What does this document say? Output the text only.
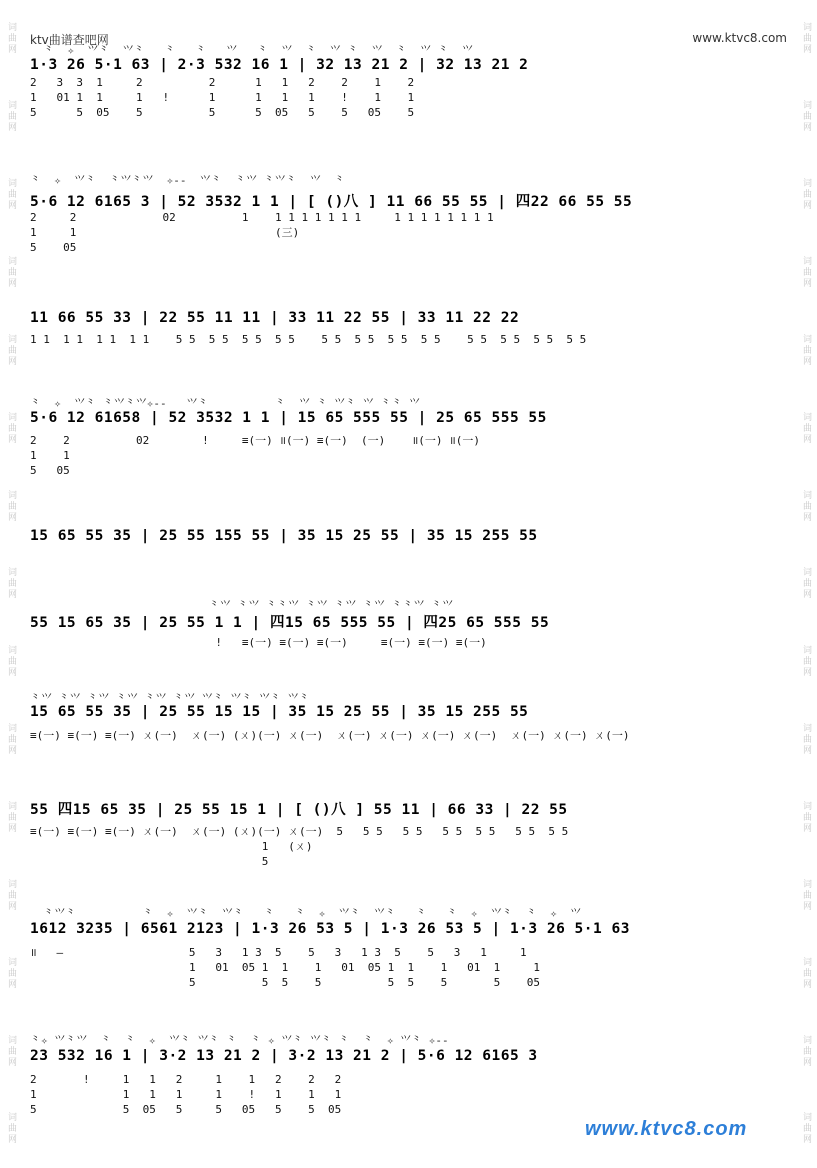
词曲网
词曲网
词曲网
词曲网
词曲网
词曲网
词曲网
词曲网
词曲网
词曲网
词曲网
词曲网
词曲网
词曲网
词曲网
词曲网
词曲网
词曲网
词曲网
词曲网
词曲网
词曲网
词曲网
词曲网
词曲网
词曲网
词曲网
词曲网
词曲网
词曲网
ktv曲谱查吧网	www.ktvc8.com
⺀  ✧  ⺍⺀  ⺍⺀   ⺀   ⺀   ⺍   ⺀  ⺍  ⺀  ⺍ ⺀  ⺍  ⺀  ⺍ ⺀  ⺍
1·3 26 5·1 63 | 2·3 532 16 1 | 32 13 21 2 | 32 13 21 2
2   3  3  1     2          2      1   1   2    2    1    2
1   01 1  1     1   !      1      1   1   1    !    1    1
5      5  05    5          5      5  05   5    5   05    5
⺀  ✧  ⺍⺀  ⺀⺍⺀⺍  ✧--  ⺍⺀  ⺀⺍ ⺀⺍⺀  ⺍  ⺀
5·6 12 6165 3 | 52 3532 1 1 | [ ()八 ] 11 66 55 55 | 四22 66 55 55
2     2             02          1    1 1 1 1 1 1 1     1 1 1 1 1 1 1 1
1     1                              (三)
5    05
11 66 55 33 | 22 55 11 11 | 33 11 22 55 | 33 11 22 22
1 1  1 1  1 1  1 1    5 5  5 5  5 5  5 5    5 5  5 5  5 5  5 5    5 5  5 5  5 5  5 5
⺀  ✧  ⺍⺀ ⺀⺍⺀⺍✧--   ⺍⺀          ⺀  ⺍ ⺀ ⺍⺀ ⺍ ⺀⺀ ⺍
5·6 12 61658 | 52 3532 1 1 | 15 65 555 55 | 25 65 555 55
2    2          02        !     ≡(一) ॥(一) ≡(一)  (一)    ॥(一) ॥(一)
1    1
5   05
15 65 55 35 | 25 55 155 55 | 35 15 25 55 | 35 15 255 55
⺀⺍ ⺀⺍ ⺀⺀⺍ ⺀⺍ ⺀⺍ ⺀⺍ ⺀⺀⺍ ⺀⺍
55 15 65 35 | 25 55 1 1 | 四15 65 555 55 | 四25 65 555 55
!   ≡(一) ≡(一) ≡(一)     ≡(一) ≡(一) ≡(一)
⺀⺍ ⺀⺍ ⺀⺍ ⺀⺍ ⺀⺍ ⺀⺍ ⺍⺀ ⺍⺀ ⺍⺀ ⺍⺀
15 65 55 35 | 25 55 15 15 | 35 15 25 55 | 35 15 255 55
≡(一) ≡(一) ≡(一) ㄨ(一)  ㄨ(一) (ㄨ)(一) ㄨ(一)  ㄨ(一) ㄨ(一) ㄨ(一) ㄨ(一)  ㄨ(一) ㄨ(一) ㄨ(一)
55 四15 65 35 | 25 55 15 1 | [ ()八 ] 55 11 | 66 33 | 22 55
≡(一) ≡(一) ≡(一) ㄨ(一)  ㄨ(一) (ㄨ)(一) ㄨ(一)  5   5 5   5 5   5 5  5 5   5 5  5 5
1   (ㄨ)
5
⺀⺍⺀          ⺀  ✧  ⺍⺀  ⺍⺀   ⺀   ⺀  ✧  ⺍⺀  ⺍⺀   ⺀   ⺀  ✧  ⺍⺀  ⺀  ✧  ⺍
1612 3235 | 6561 2123 | 1·3 26 53 5 | 1·3 26 53 5 | 1·3 26 5·1 63
॥   —                   5   3   1 3  5    5   3   1 3  5    5   3   1     1
1   01  05 1  1    1   01  05 1  1    1   01  1     1
5          5  5    5          5  5    5       5    05
⺀✧ ⺍⺀⺍  ⺀  ⺀  ✧  ⺍⺀ ⺍⺀ ⺀  ⺀ ✧ ⺍⺀ ⺍⺀ ⺀  ⺀  ✧ ⺍⺀ ✧--
23 532 16 1 | 3·2 13 21 2 | 3·2 13 21 2 | 5·6 12 6165 3
2       !     1   1   2     1    1   2    2   2
1             1   1   1     1    !   1    1   1
5             5  05   5     5   05   5    5  05
www.ktvc8.com
